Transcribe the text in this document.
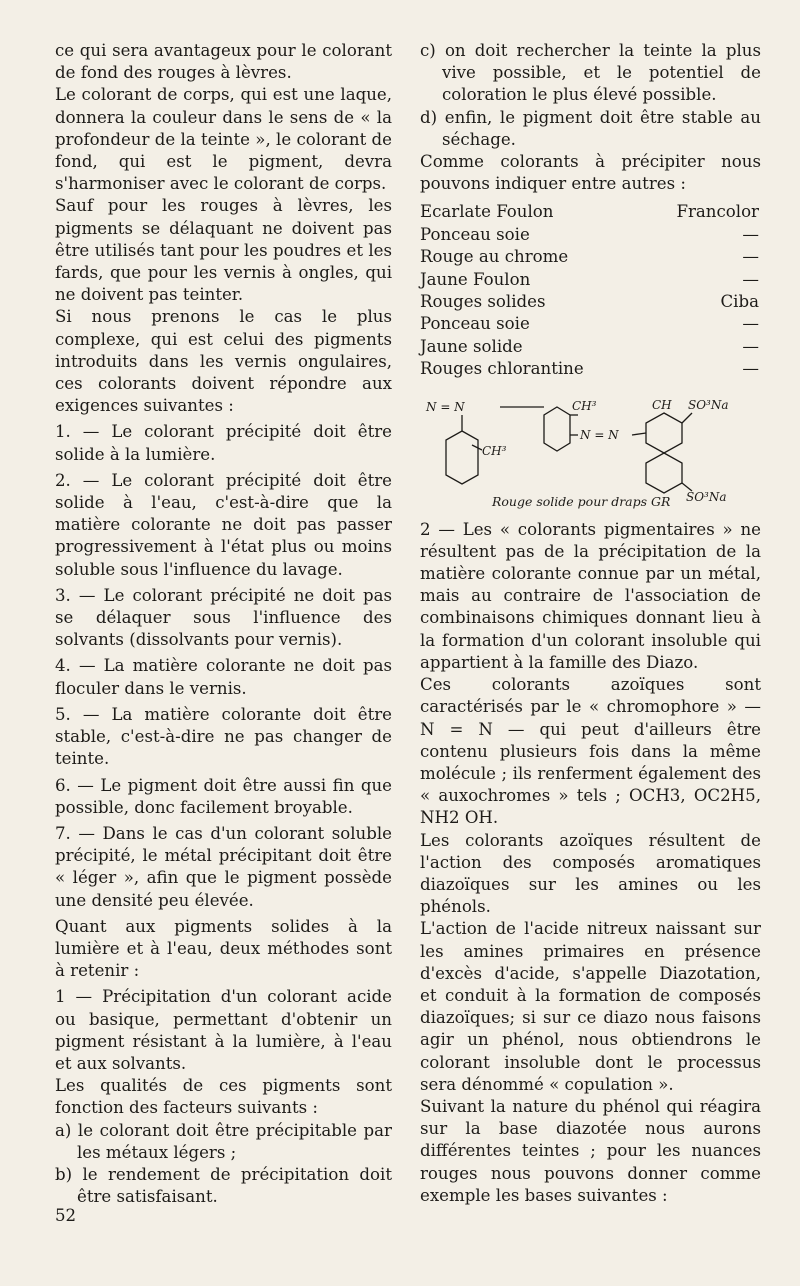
ce qui sera avantageux pour le colorant de fond des rouges à lèvres.

Le colorant de corps, qui est une laque, donnera la couleur dans le sens de « la profondeur de la teinte », le colorant de fond, qui est le pigment, devra s'harmoniser avec le colorant de corps.

Sauf pour les rouges à lèvres, les pigments se délaquant ne doivent pas être utilisés tant pour les poudres et les fards, que pour les vernis à ongles, qui ne doivent pas teinter.

Si nous prenons le cas le plus complexe, qui est celui des pigments introduits dans les vernis ongulaires, ces colorants doivent répondre aux exigences suivantes :

1. — Le colorant précipité doit être solide à la lumière.

2. — Le colorant précipité doit être solide à l'eau, c'est-à-dire que la matière colorante ne doit pas passer progressivement à l'état plus ou moins soluble sous l'influence du lavage.

3. — Le colorant précipité ne doit pas se délaquer sous l'influence des solvants (dissolvants pour vernis).

4. — La matière colorante ne doit pas floculer dans le vernis.

5. — La matière colorante doit être stable, c'est-à-dire ne pas changer de teinte.

6. — Le pigment doit être aussi fin que possible, donc facilement broyable.

7. — Dans le cas d'un colorant soluble précipité, le métal précipitant doit être « léger », afin que le pigment possède une densité peu élevée.

Quant aux pigments solides à la lumière et à l'eau, deux méthodes sont à retenir :

1 — Précipitation d'un colorant acide ou basique, permettant d'obtenir un pigment résistant à la lumière, à l'eau et aux solvants.

Les qualités de ces pigments sont fonction des facteurs suivants :

a) le colorant doit être précipitable par les métaux légers ;

b) le rendement de précipitation doit être satisfaisant.

c) on doit rechercher la teinte la plus vive possible, et le potentiel de coloration le plus élevé possible.

d) enfin, le pigment doit être stable au séchage.

Comme colorants à précipiter nous pouvons indiquer entre autres :

Ecarlate Foulon	Francolor
Ponceau soie	—
Rouge au chrome	—
Jaune Foulon	—
Rouges solides	Ciba
Ponceau soie	—
Jaune solide	—
Rouges chlorantine	—
N = N	CH³
CH³
N = N
CH SO³Na
SO³Na
Rouge solide pour draps GR

2 — Les « colorants pigmentaires » ne résultent pas de la précipitation de la matière colorante connue par un métal, mais au contraire de l'association de combinaisons chimiques donnant lieu à la formation d'un colorant insoluble qui appartient à la famille des Diazo.

Ces colorants azoïques sont caractérisés par le « chromophore » —N = N — qui peut d'ailleurs être contenu plusieurs fois dans la même molécule ; ils renferment également des « auxochromes » tels ; OCH3, OC2H5, NH2 OH.

Les colorants azoïques résultent de l'action des composés aromatiques diazoïques sur les amines ou les phénols.

L'action de l'acide nitreux naissant sur les amines primaires en présence d'excès d'acide, s'appelle Diazotation, et conduit à la formation de composés diazoïques; si sur ce diazo nous faisons agir un phénol, nous obtiendrons le colorant insoluble dont le processus sera dénommé « copulation ».

Suivant la nature du phénol qui réagira sur la base diazotée nous aurons différentes teintes ; pour les nuances rouges nous pouvons donner comme exemple les bases suivantes :

52
